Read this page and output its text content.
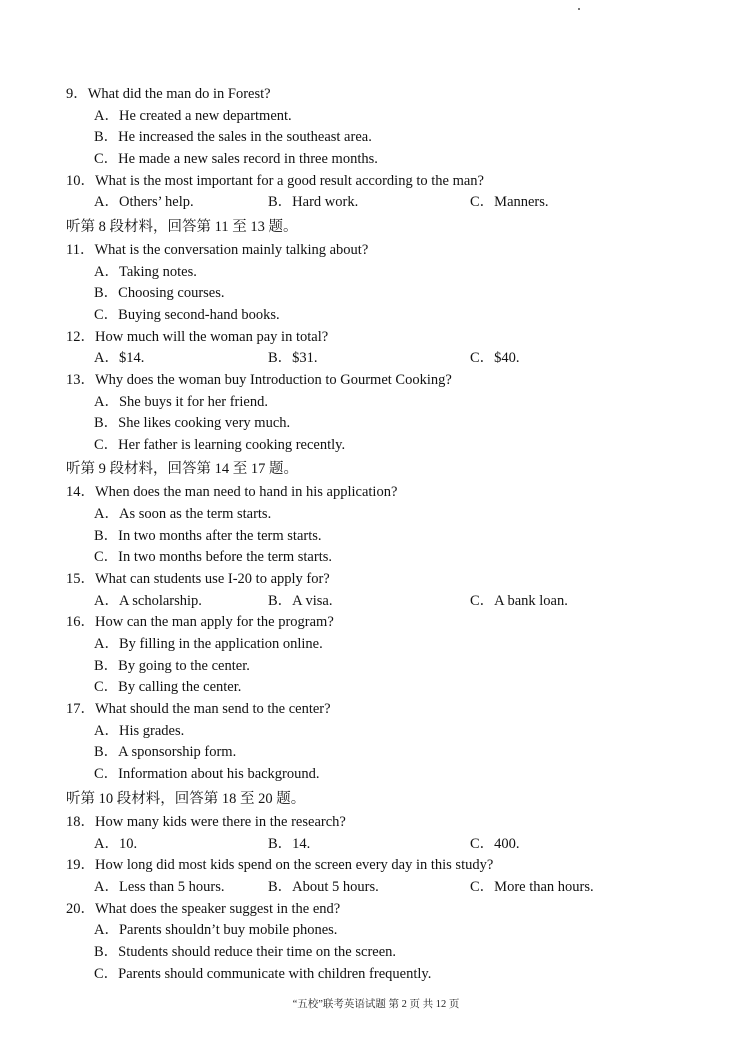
9．What did the man do in Forest?
A．He created a new department.
B．He increased the sales in the southeast area.
C．He made a new sales record in three months.
10．What is the most important for a good result according to the man?
A．Others’ help.	B．Hard work.	C．Manners.
听第 8 段材料，回答第 11 至 13 题。
11．What is the conversation mainly talking about?
A．Taking notes.
B．Choosing courses.
C．Buying second-hand books.
12．How much will the woman pay in total?
A．$14.	B．$31.	C．$40.
13．Why does the woman buy Introduction to Gourmet Cooking?
A．She buys it for her friend.
B．She likes cooking very much.
C．Her father is learning cooking recently.
听第 9 段材料，回答第 14 至 17 题。
14．When does the man need to hand in his application?
A．As soon as the term starts.
B．In two months after the term starts.
C．In two months before the term starts.
15．What can students use I-20 to apply for?
A．A scholarship.	B．A visa.	C．A bank loan.
16．How can the man apply for the program?
A．By filling in the application online.
B．By going to the center.
C．By calling the center.
17．What should the man send to the center?
A．His grades.
B．A sponsorship form.
C．Information about his background.
听第 10 段材料，回答第 18 至 20 题。
18．How many kids were there in the research?
A．10.	B．14.	C．400.
19．How long did most kids spend on the screen every day in this study?
A．Less than 5 hours.	B．About 5 hours.	C．More than hours.
20．What does the speaker suggest in the end?
A．Parents shouldn’t buy mobile phones.
B．Students should reduce their time on the screen.
C．Parents should communicate with children frequently.
“五校”联考英语试题 第 2 页 共 12 页
